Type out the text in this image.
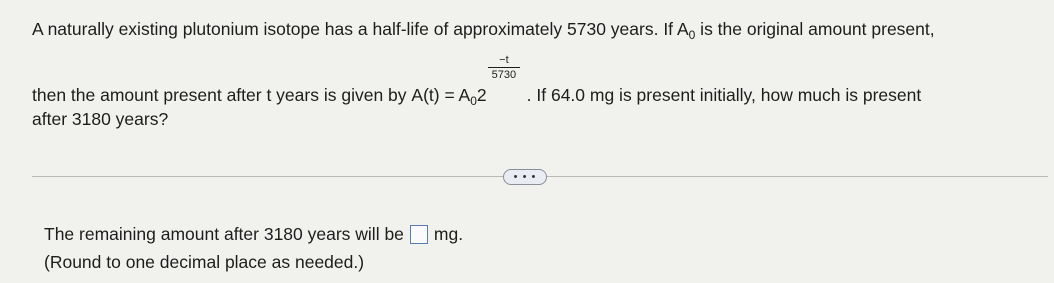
A naturally existing plutonium isotope has a half-life of approximately 5730 years. If $A_0$ is the original amount present,
then the amount present after t years is given by $A(t) = A_02$
−t
5730
. If 64.0 mg is present initially, how much is present
after 3180 years?
• • •
The remaining amount after 3180 years will be mg.
(Round to one decimal place as needed.)
